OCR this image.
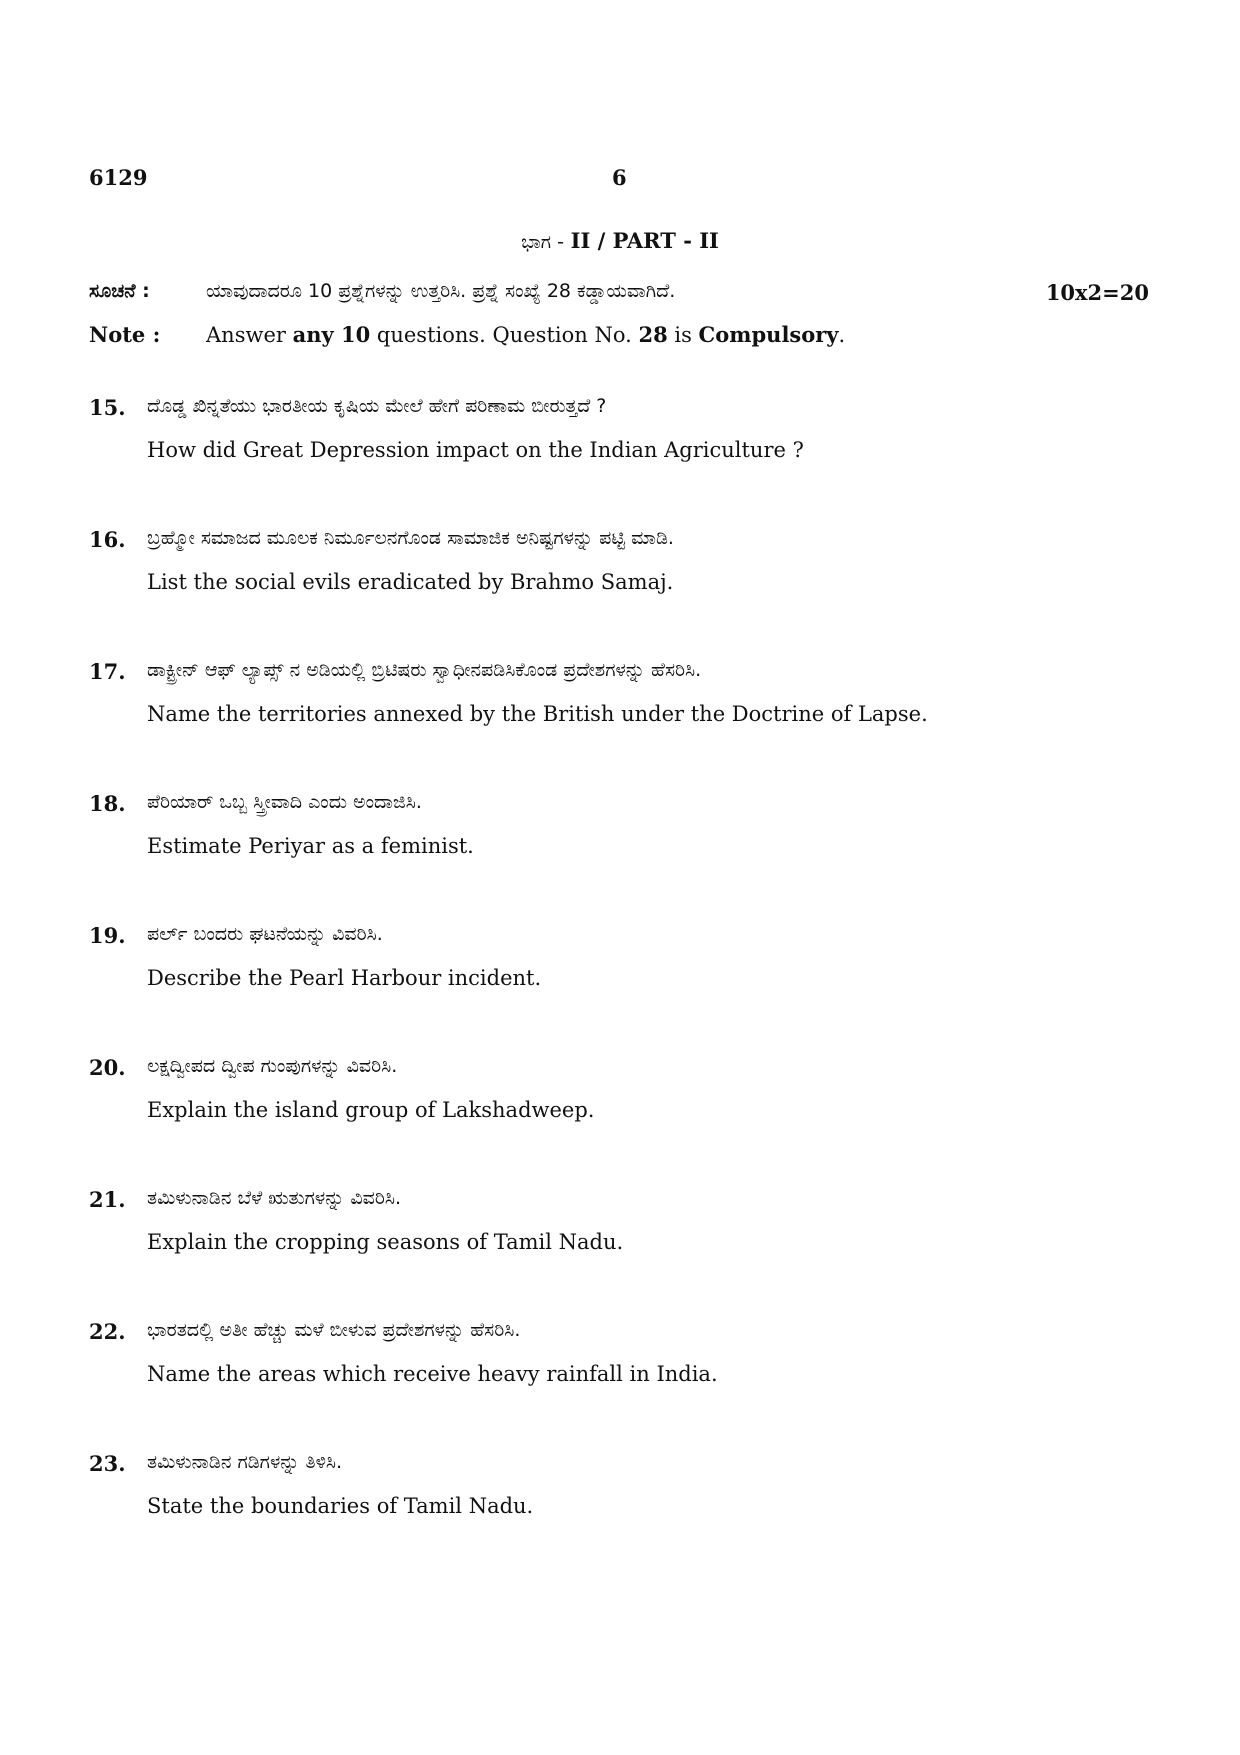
6129	6
ಭಾಗ - II / PART - II
ಸೂಚನೆ :	ಯಾವುದಾದರೂ 10 ಪ್ರಶ್ನೆಗಳನ್ನು ಉತ್ತರಿಸಿ. ಪ್ರಶ್ನೆ ಸಂಖ್ಯೆ 28 ಕಡ್ಡಾಯವಾಗಿದೆ.	10x2=20
Note : Answer any 10 questions. Question No. 28 is Compulsory.
15. ದೊಡ್ಡ ಖಿನ್ನತೆಯು ಭಾರತೀಯ ಕೃಷಿಯ ಮೇಲೆ ಹೇಗೆ ಪರಿಣಾಮ ಬೀರುತ್ತದೆ ?
How did Great Depression impact on the Indian Agriculture ?
16. ಬ್ರಹ್ಮೋ ಸಮಾಜದ ಮೂಲಕ ನಿರ್ಮೂಲನಗೊಂಡ ಸಾಮಾಜಿಕ ಅನಿಷ್ಟಗಳನ್ನು ಪಟ್ಟಿ ಮಾಡಿ.
List the social evils eradicated by Brahmo Samaj.
17. ಡಾಕ್ಟ್ರೀನ್ ಆಫ್ ಲ್ಯಾಪ್ಸ್ ನ ಅಡಿಯಲ್ಲಿ ಬ್ರಿಟಿಷರು ಸ್ವಾಧೀನಪಡಿಸಿಕೊಂಡ ಪ್ರದೇಶಗಳನ್ನು ಹೆಸರಿಸಿ.
Name the territories annexed by the British under the Doctrine of Lapse.
18. ಪೆರಿಯಾರ್ ಒಬ್ಬ ಸ್ತ್ರೀವಾದಿ ಎಂದು ಅಂದಾಜಿಸಿ.
Estimate Periyar as a feminist.
19. ಪರ್ಲ್ ಬಂದರು ಘಟನೆಯನ್ನು ವಿವರಿಸಿ.
Describe the Pearl Harbour incident.
20. ಲಕ್ಷದ್ವೀಪದ ದ್ವೀಪ ಗುಂಪುಗಳನ್ನು ವಿವರಿಸಿ.
Explain the island group of Lakshadweep.
21. ತಮಿಳುನಾಡಿನ ಬೆಳೆ ಋತುಗಳನ್ನು ವಿವರಿಸಿ.
Explain the cropping seasons of Tamil Nadu.
22. ಭಾರತದಲ್ಲಿ ಅತೀ ಹೆಚ್ಚು ಮಳೆ ಬೀಳುವ ಪ್ರದೇಶಗಳನ್ನು ಹೆಸರಿಸಿ.
Name the areas which receive heavy rainfall in India.
23. ತಮಿಳುನಾಡಿನ ಗಡಿಗಳನ್ನು ತಿಳಿಸಿ.
State the boundaries of Tamil Nadu.
